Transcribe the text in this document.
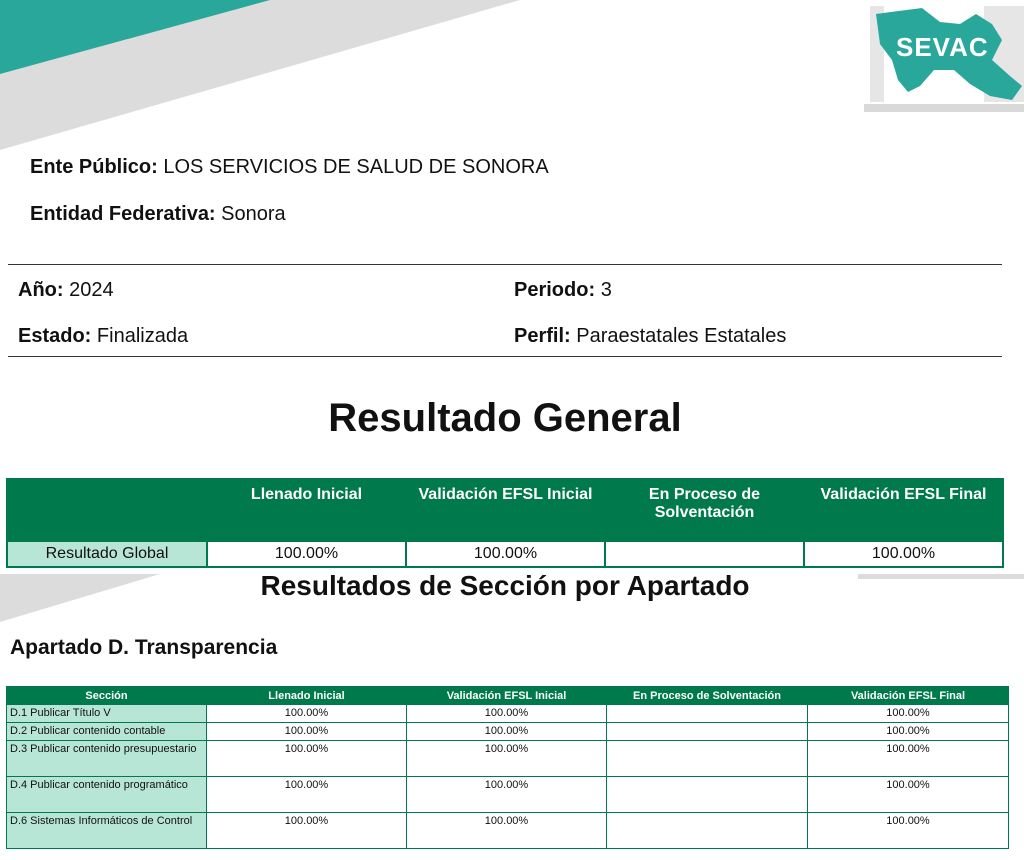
SEVAC
Ente Público: LOS SERVICIOS DE SALUD DE SONORA
Entidad Federativa: Sonora
Año: 2024	Periodo: 3
Estado: Finalizada	Perfil: Paraestatales Estatales
Resultado General
	Llenado Inicial	Validación EFSL Inicial	En Proceso de Solventación	Validación EFSL Final
Resultado Global	100.00%	100.00%		100.00%
Resultados de Sección por Apartado
Apartado D. Transparencia
Sección	Llenado Inicial	Validación EFSL Inicial	En Proceso de Solventación	Validación EFSL Final
D.1 Publicar Título V	100.00%	100.00%		100.00%
D.2 Publicar contenido contable	100.00%	100.00%		100.00%
D.3 Publicar contenido presupuestario	100.00%	100.00%		100.00%
D.4 Publicar contenido programático	100.00%	100.00%		100.00%
D.6 Sistemas Informáticos de Control	100.00%	100.00%		100.00%
